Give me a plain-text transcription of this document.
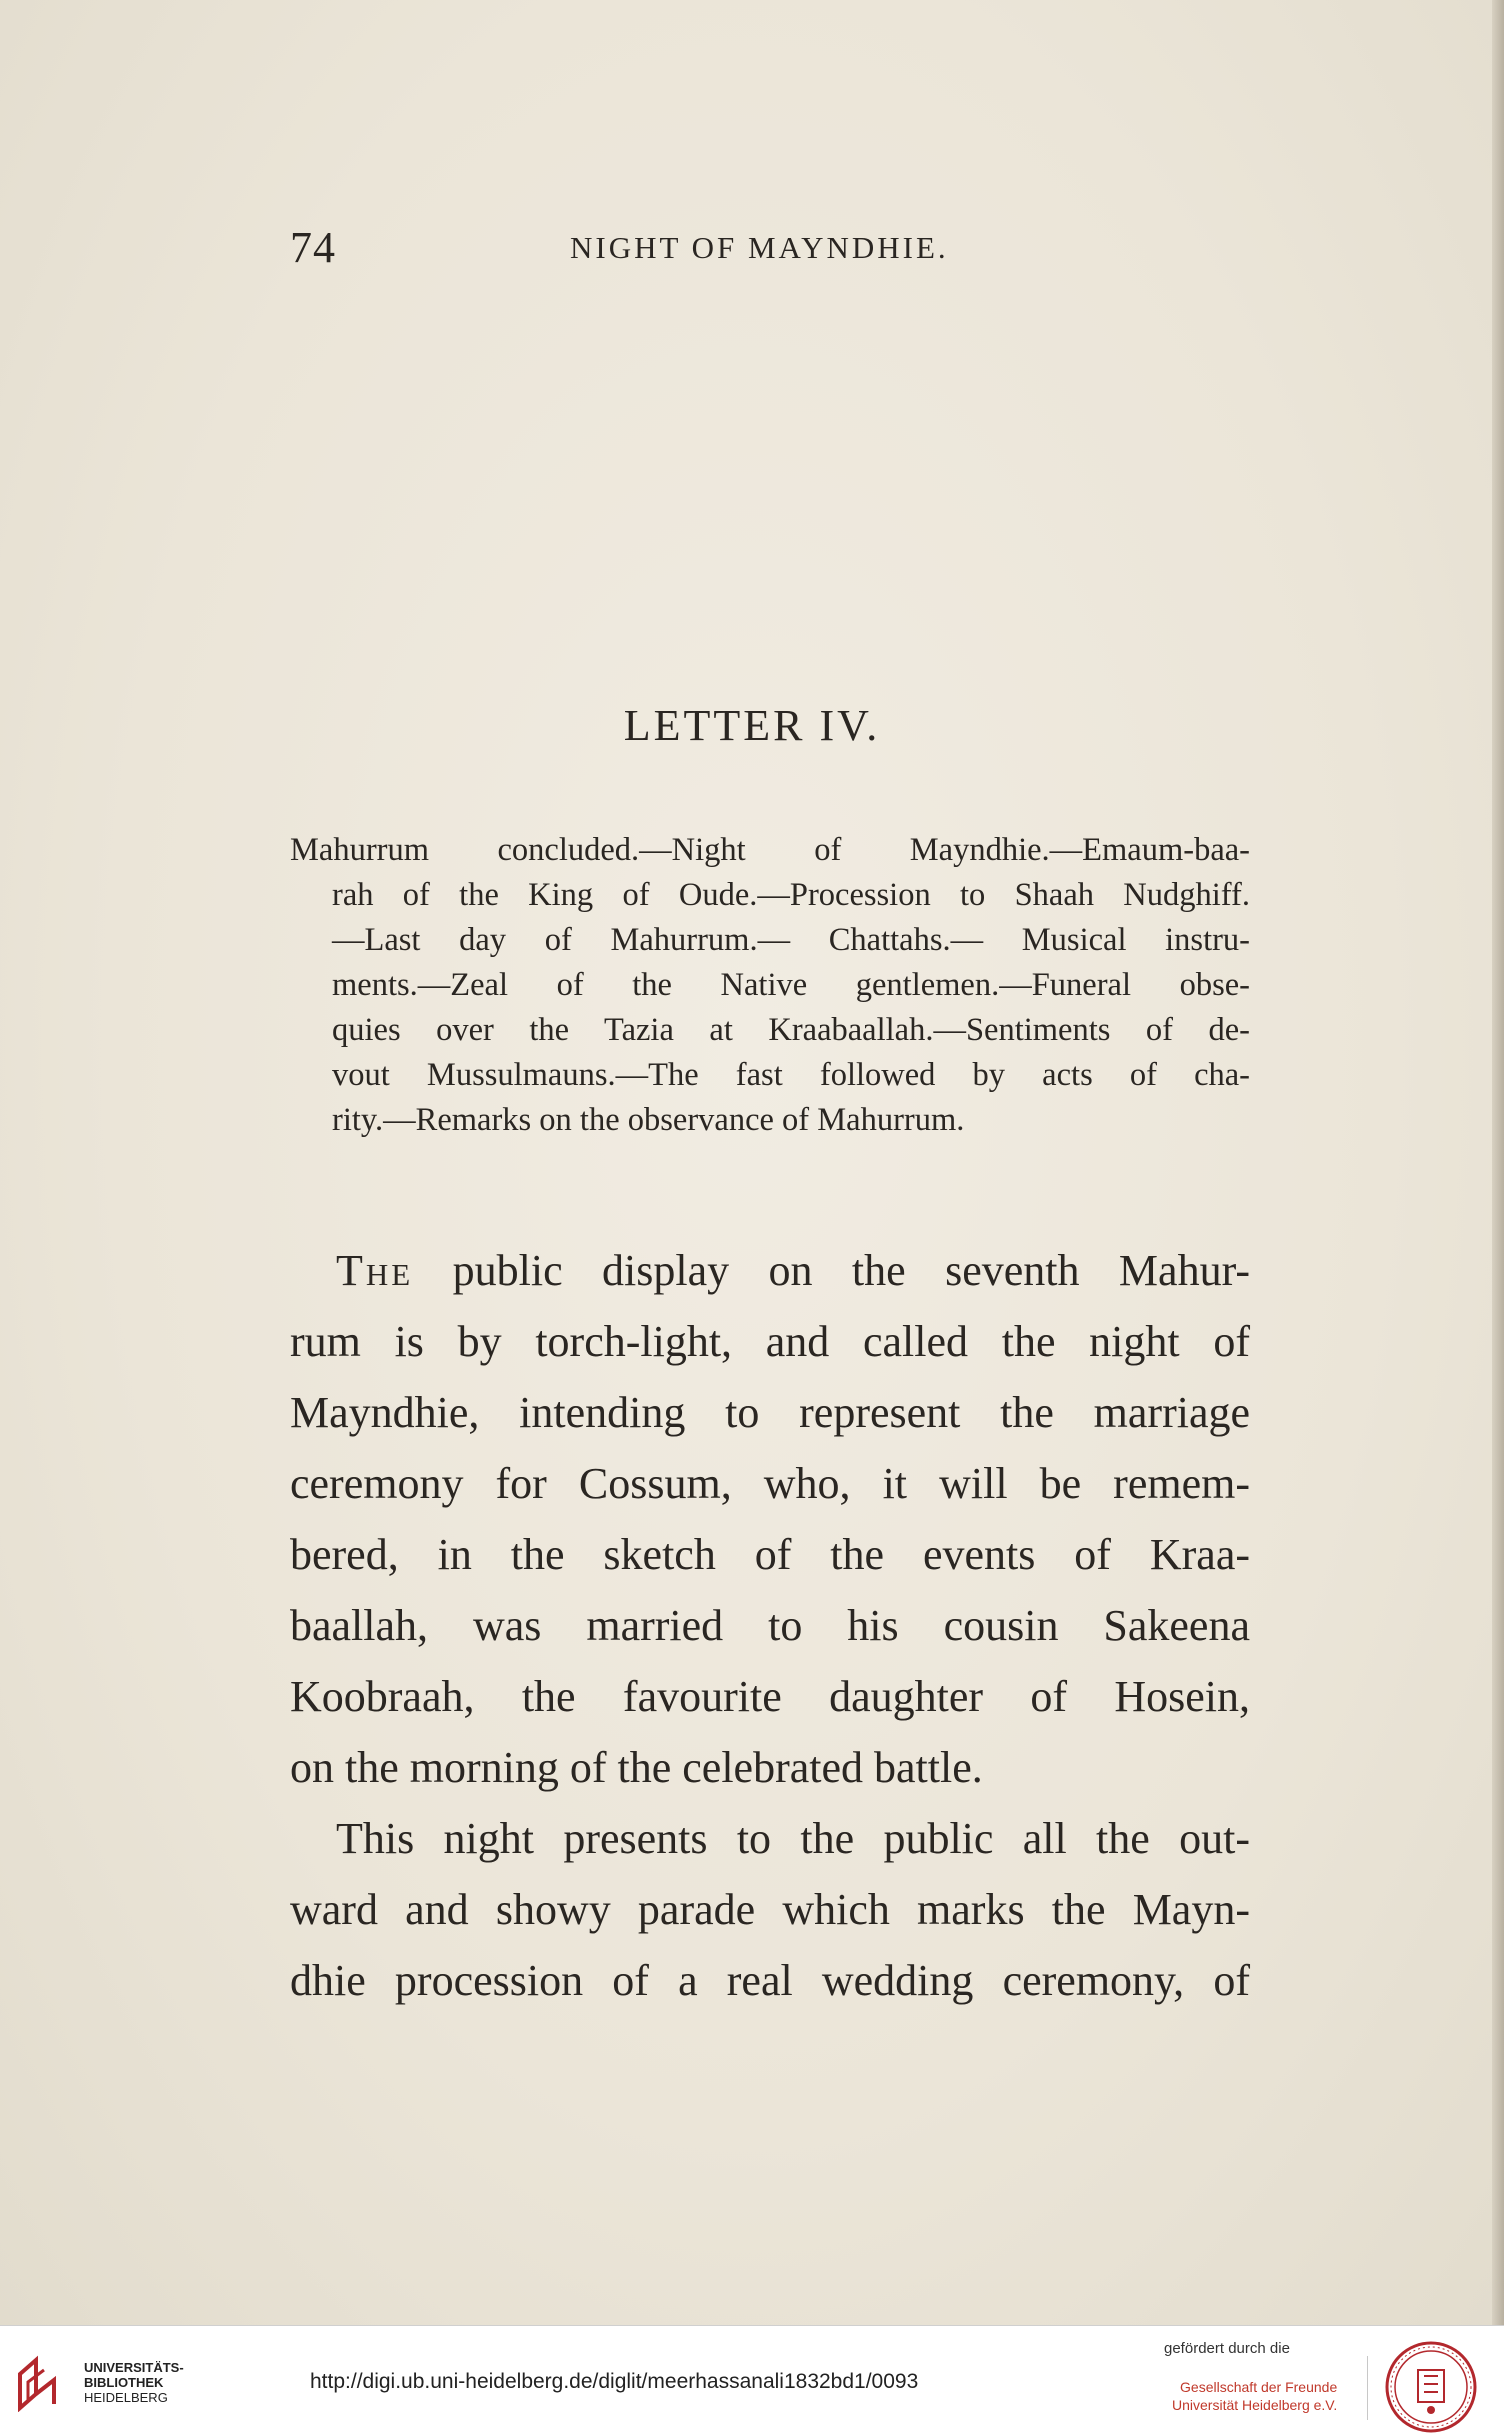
74	NIGHT OF MAYNDHIE.
LETTER IV.
Mahurrum concluded.—Night of Mayndhie.—Emaum-baa-
rah of the King of Oude.—Procession to Shaah Nudghiff.
—Last day of Mahurrum.— Chattahs.— Musical instru-
ments.—Zeal of the Native gentlemen.—Funeral obse-
quies over the Tazia at Kraabaallah.—Sentiments of de-
vout Mussulmauns.—The fast followed by acts of cha-
rity.—Remarks on the observance of Mahurrum.
The public display on the seventh Mahur-
rum is by torch-light, and called the night of
Mayndhie, intending to represent the marriage
ceremony for Cossum, who, it will be remem-
bered, in the sketch of the events of Kraa-
baallah, was married to his cousin Sakeena
Koobraah, the favourite daughter of Hosein,
on the morning of the celebrated battle.
This night presents to the public all the out-
ward and showy parade which marks the Mayn-
dhie procession of a real wedding ceremony, of
UNIVERSITÄTS-
BIBLIOTHEK
HEIDELBERG
http://digi.ub.uni-heidelberg.de/diglit/meerhassanali1832bd1/0093
gefördert durch die
Gesellschaft der Freunde
Universität Heidelberg e.V.
